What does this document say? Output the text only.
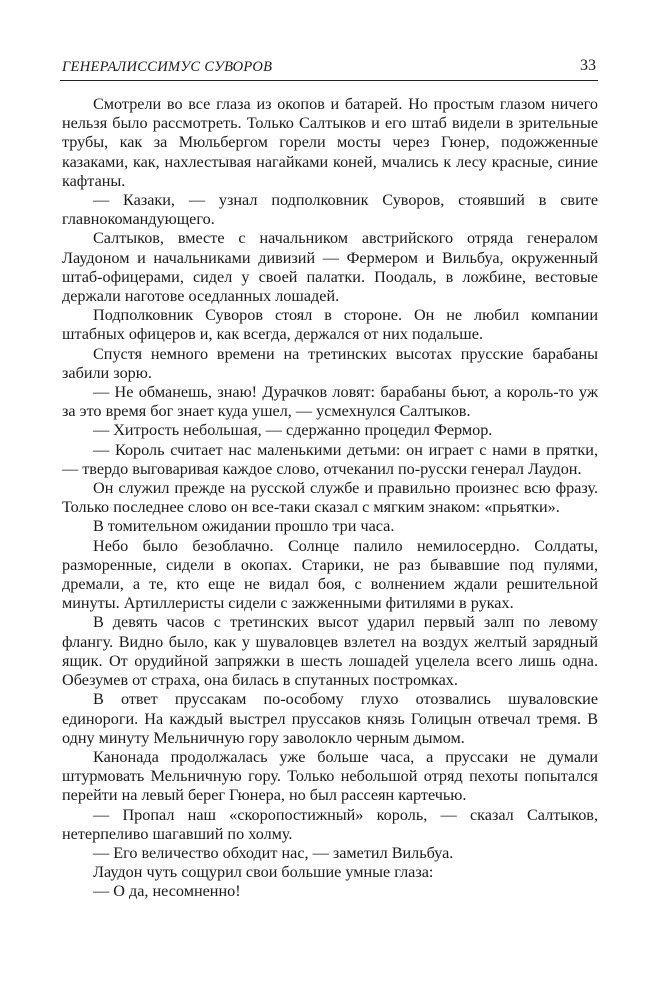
ГЕНЕРАЛИССИМУС СУВОРОВ	33

Смотрели во все глаза из окопов и батарей. Но простым глазом ничего нельзя было рассмотреть. Только Салтыков и его штаб видели в зрительные трубы, как за Мюльбергом горели мосты через Гюнер, подожженные казаками, как, нахлестывая нагайками коней, мчались к лесу красные, синие кафтаны.

— Казаки, — узнал подполковник Суворов, стоявший в свите главнокомандующего.

Салтыков, вместе с начальником австрийского отряда генералом Лаудоном и начальниками дивизий — Фермером и Вильбуа, окруженный штаб-офицерами, сидел у своей палатки. Поодаль, в ложбине, вестовые держали наготове оседланных лошадей.

Подполковник Суворов стоял в стороне. Он не любил компании штабных офицеров и, как всегда, держался от них подальше.

Спустя немного времени на третинских высотах прусские барабаны забили зорю.

— Не обманешь, знаю! Дурачков ловят: барабаны бьют, а король-то уж за это время бог знает куда ушел, — усмехнулся Салтыков.

— Хитрость небольшая, — сдержанно процедил Фермор.

— Король считает нас маленькими детьми: он играет с нами в прятки, — твердо выговаривая каждое слово, отчеканил по-русски генерал Лаудон.

Он служил прежде на русской службе и правильно произнес всю фразу. Только последнее слово он все-таки сказал с мягким знаком: «прьятки».

В томительном ожидании прошло три часа.

Небо было безоблачно. Солнце палило немилосердно. Солдаты, разморенные, сидели в окопах. Старики, не раз бывавшие под пулями, дремали, а те, кто еще не видал боя, с волнением ждали решительной минуты. Артиллеристы сидели с зажженными фитилями в руках.

В девять часов с третинских высот ударил первый залп по левому флангу. Видно было, как у шуваловцев взлетел на воздух желтый зарядный ящик. От орудийной запряжки в шесть лошадей уцелела всего лишь одна. Обезумев от страха, она билась в спутанных постромках.

В ответ пруссакам по-особому глухо отозвались шуваловские единороги. На каждый выстрел пруссаков князь Голицын отвечал тремя. В одну минуту Мельничную гору заволокло черным дымом.

Канонада продолжалась уже больше часа, а пруссаки не думали штурмовать Мельничную гору. Только небольшой отряд пехоты попытался перейти на левый берег Гюнера, но был рассеян картечью.

— Пропал наш «скоропостижный» король, — сказал Салтыков, нетерпеливо шагавший по холму.

— Его величество обходит нас, — заметил Вильбуа.

Лаудон чуть сощурил свои большие умные глаза:

— О да, несомненно!
